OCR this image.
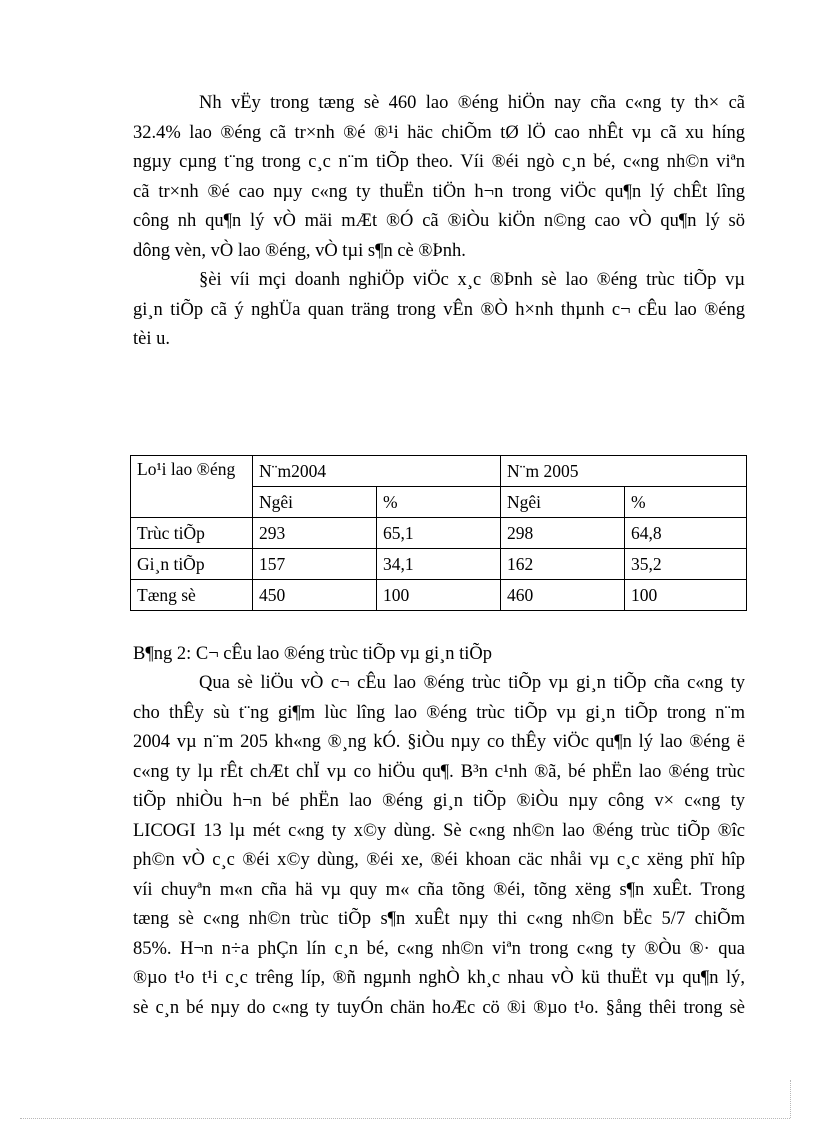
Nh vËy trong tæng sè 460 lao ®éng hiÖn nay cña c«ng ty th× cã
32.4% lao ®éng cã tr×nh ®é ®¹i häc chiÕm tØ lÖ cao nhÊt vµ cã xu híng
ngµy cµng t¨ng trong c¸c n¨m tiÕp theo. Víi ®éi ngò c¸n bé, c«ng nh©n viªn
cã tr×nh ®é cao nµy c«ng ty thuËn tiÖn h¬n trong viÖc qu¶n lý chÊt lîng
công nh qu¶n lý vÒ mäi mÆt ®Ó cã ®iÒu kiÖn n©ng cao vÒ qu¶n lý sö
dông vèn, vÒ lao ®éng, vÒ tµi s¶n cè ®Þnh.
§èi víi mçi doanh nghiÖp viÖc x¸c ®Þnh sè lao ®éng trùc tiÕp vµ
gi¸n tiÕp cã ý nghÜa quan träng trong vÊn ®Ò h×nh thµnh c¬ cÊu lao ®éng
tèi u.
Lo¹i lao ®éng	N¨m2004		N¨m 2005	
	Ngêi	%	Ngêi	%
Trùc tiÕp	293	65,1	298	64,8
Gi¸n tiÕp	157	34,1	162	35,2
Tæng sè	450	100	460	100

B¶ng 2: C¬ cÊu lao ®éng trùc tiÕp vµ gi¸n tiÕp

Qua sè liÖu vÒ c¬ cÊu lao ®éng trùc tiÕp vµ gi¸n tiÕp cña c«ng ty
cho thÊy sù t¨ng gi¶m lùc lîng lao ®éng trùc tiÕp vµ gi¸n tiÕp trong n¨m
2004 vµ n¨m 205 kh«ng ®¸ng kÓ. §iÒu nµy co thÊy viÖc qu¶n lý lao ®éng ë
c«ng ty lµ rÊt chÆt chÏ vµ co hiÖu qu¶. B³n c¹nh ®ã, bé phËn lao ®éng trùc
tiÕp nhiÒu h¬n bé phËn lao ®éng gi¸n tiÕp ®iÒu nµy công v× c«ng ty
LICOGI 13 lµ mét c«ng ty x©y dùng. Sè c«ng nh©n lao ®éng trùc tiÕp ®îc
ph©n vÒ c¸c ®éi x©y dùng, ®éi xe, ®éi khoan cäc nhåi vµ c¸c xëng phï hîp
víi chuyªn m«n cña hä vµ quy m« cña tõng ®éi, tõng xëng s¶n xuÊt. Trong
tæng sè c«ng nh©n trùc tiÕp s¶n xuÊt nµy thi c«ng nh©n bËc 5/7 chiÕm
85%. H¬n n÷a phÇn lín c¸n bé, c«ng nh©n viªn trong c«ng ty ®Òu ®· qua
®µo t¹o t¹i c¸c trêng líp, ®ñ ngµnh nghÒ kh¸c nhau vÒ kü thuËt vµ qu¶n lý,
sè c¸n bé nµy do c«ng ty tuyÓn chän hoÆc cö ®i ®µo t¹o. §ång thêi trong sè
